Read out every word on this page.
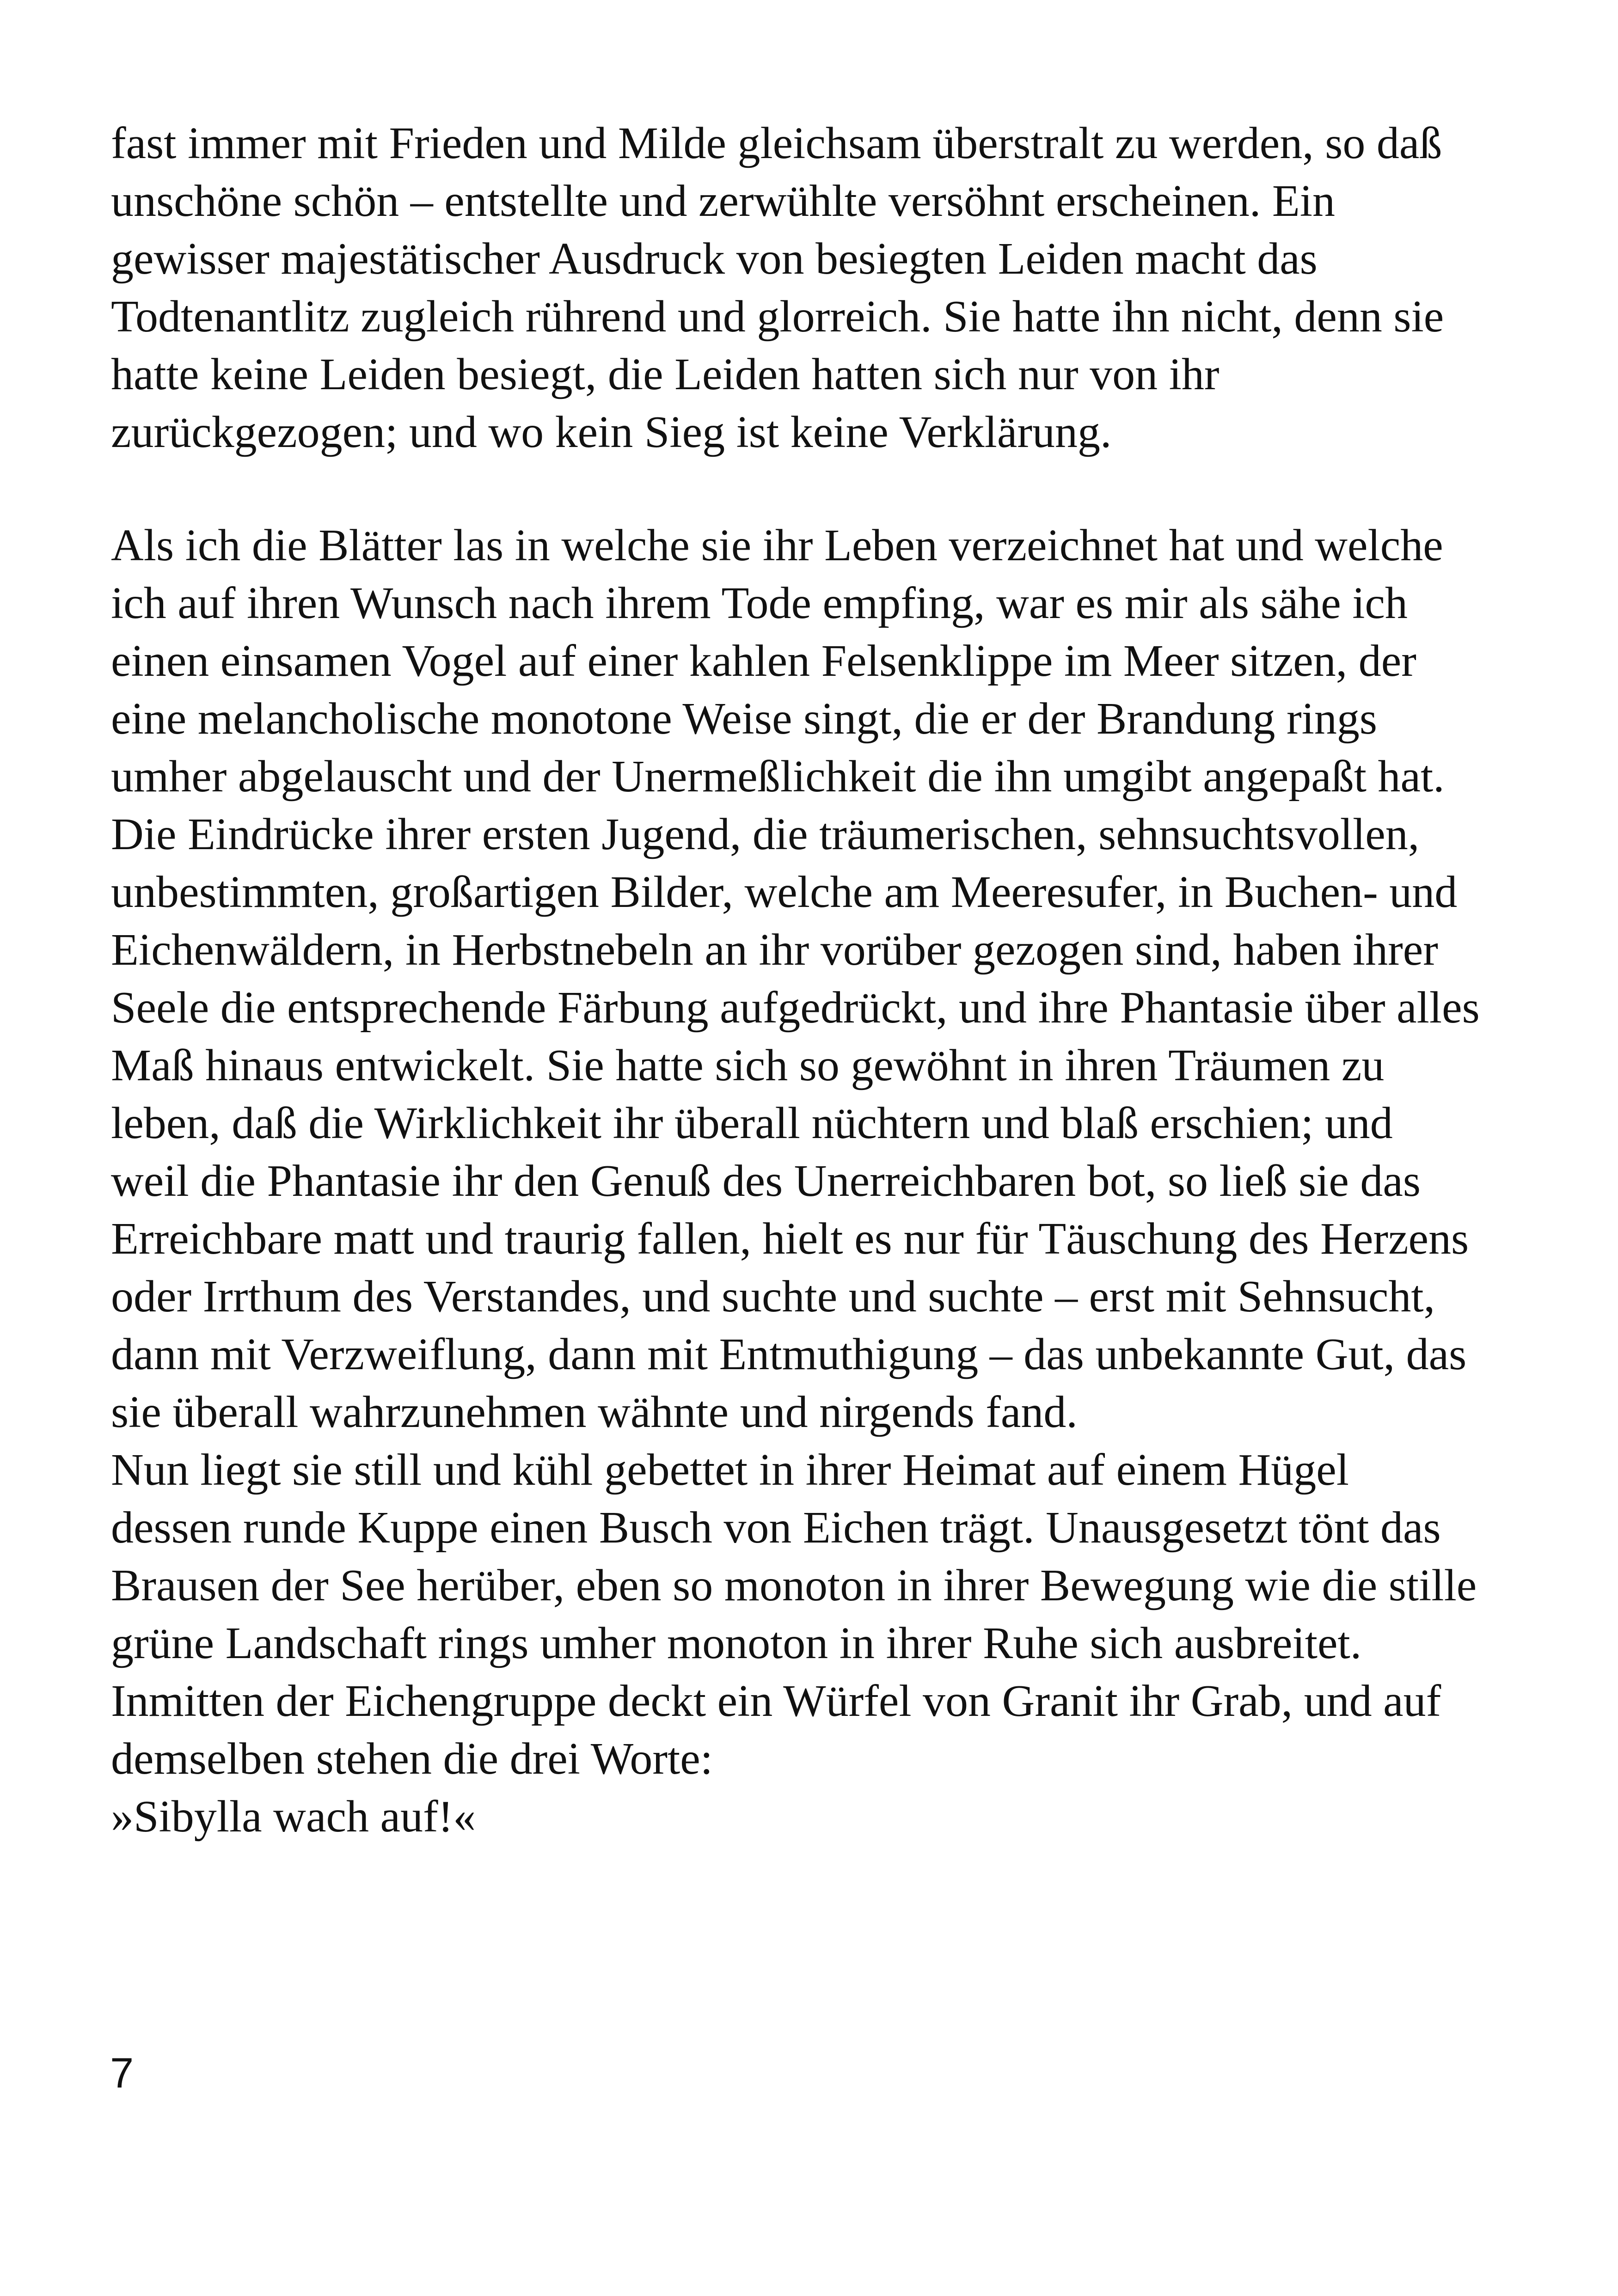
fast immer mit Frieden und Milde gleichsam überstralt zu werden, so daß
unschöne schön – entstellte und zerwühlte versöhnt erscheinen. Ein
gewisser majestätischer Ausdruck von besiegten Leiden macht das
Todtenantlitz zugleich rührend und glorreich. Sie hatte ihn nicht, denn sie
hatte keine Leiden besiegt, die Leiden hatten sich nur von ihr
zurückgezogen; und wo kein Sieg ist keine Verklärung.
Als ich die Blätter las in welche sie ihr Leben verzeichnet hat und welche
ich auf ihren Wunsch nach ihrem Tode empfing, war es mir als sähe ich
einen einsamen Vogel auf einer kahlen Felsenklippe im Meer sitzen, der
eine melancholische monotone Weise singt, die er der Brandung rings
umher abgelauscht und der Unermeßlichkeit die ihn umgibt angepaßt hat.
Die Eindrücke ihrer ersten Jugend, die träumerischen, sehnsuchtsvollen,
unbestimmten, großartigen Bilder, welche am Meeresufer, in Buchen- und
Eichenwäldern, in Herbstnebeln an ihr vorüber gezogen sind, haben ihrer
Seele die entsprechende Färbung aufgedrückt, und ihre Phantasie über alles
Maß hinaus entwickelt. Sie hatte sich so gewöhnt in ihren Träumen zu
leben, daß die Wirklichkeit ihr überall nüchtern und blaß erschien; und
weil die Phantasie ihr den Genuß des Unerreichbaren bot, so ließ sie das
Erreichbare matt und traurig fallen, hielt es nur für Täuschung des Herzens
oder Irrthum des Verstandes, und suchte und suchte – erst mit Sehnsucht,
dann mit Verzweiflung, dann mit Entmuthigung – das unbekannte Gut, das
sie überall wahrzunehmen wähnte und nirgends fand.
Nun liegt sie still und kühl gebettet in ihrer Heimat auf einem Hügel
dessen runde Kuppe einen Busch von Eichen trägt. Unausgesetzt tönt das
Brausen der See herüber, eben so monoton in ihrer Bewegung wie die stille
grüne Landschaft rings umher monoton in ihrer Ruhe sich ausbreitet.
Inmitten der Eichengruppe deckt ein Würfel von Granit ihr Grab, und auf
demselben stehen die drei Worte:
»Sibylla wach auf!«
7
